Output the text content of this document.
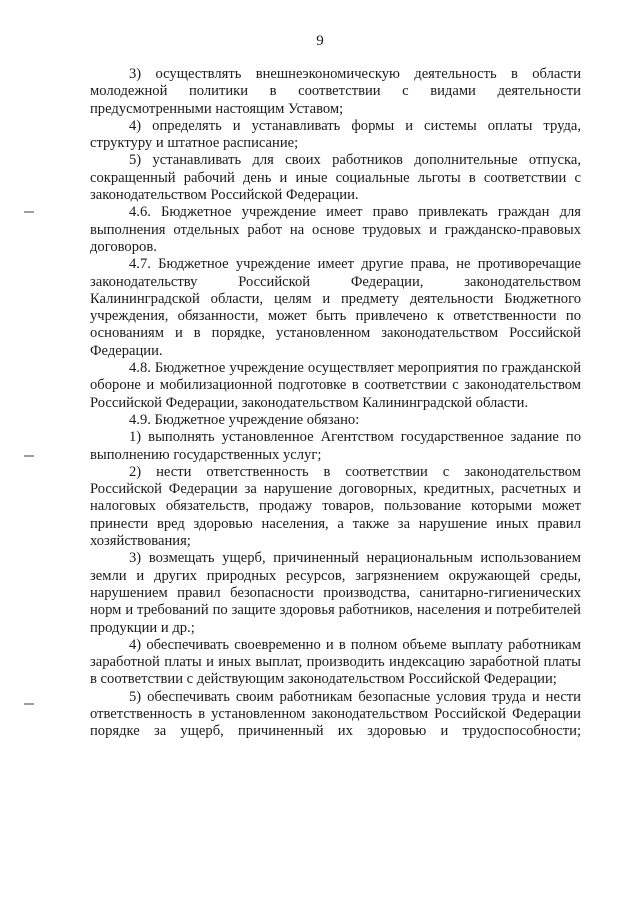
9

3) осуществлять внешнеэкономическую деятельность в области молодежной политики в соответствии с видами деятельности предусмотренными настоящим Уставом;

4) определять и устанавливать формы и системы оплаты труда, структуру и штатное расписание;

5) устанавливать для своих работников дополнительные отпуска, сокращенный рабочий день и иные социальные льготы в соответствии с законодательством Российской Федерации.

4.6. Бюджетное учреждение имеет право привлекать граждан для выполнения отдельных работ на основе трудовых и гражданско-правовых договоров.

4.7. Бюджетное учреждение имеет другие права, не противоречащие законодательству Российской Федерации, законодательством Калининградской области, целям и предмету деятельности Бюджетного учреждения, обязанности, может быть привлечено к ответственности по основаниям и в порядке, установленном законодательством Российской Федерации.

4.8. Бюджетное учреждение осуществляет мероприятия по гражданской обороне и мобилизационной подготовке в соответствии с законодательством Российской Федерации, законодательством Калининградской области.

4.9. Бюджетное учреждение обязано:

1) выполнять установленное Агентством государственное задание по выполнению государственных услуг;

2) нести ответственность в соответствии с законодательством Российской Федерации за нарушение договорных, кредитных, расчетных и налоговых обязательств, продажу товаров, пользование которыми может принести вред здоровью населения, а также за нарушение иных правил хозяйствования;

3) возмещать ущерб, причиненный нерациональным использованием земли и других природных ресурсов, загрязнением окружающей среды, нарушением правил безопасности производства, санитарно-гигиенических норм и требований по защите здоровья работников, населения и потребителей продукции и др.;

4) обеспечивать своевременно и в полном объеме выплату работникам заработной платы и иных выплат, производить индексацию заработной платы в соответствии с действующим законодательством Российской Федерации;

5) обеспечивать своим работникам безопасные условия труда и нести ответственность в установленном законодательством Российской Федерации порядке за ущерб, причиненный их здоровью и трудоспособности;
